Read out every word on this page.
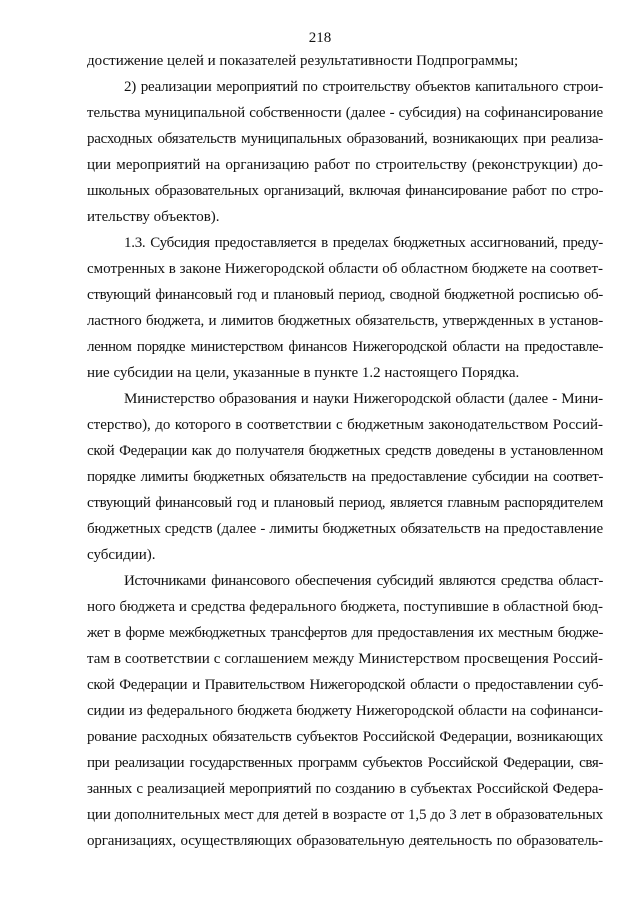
218
достижение целей и показателей результативности Подпрограммы;
2) реализации мероприятий по строительству объектов капитального строи-
тельства муниципальной собственности (далее - субсидия) на софинансирование
расходных обязательств муниципальных образований, возникающих при реализа-
ции мероприятий на организацию работ по строительству (реконструкции) до-
школьных образовательных организаций, включая финансирование работ по стро-
ительству объектов).
1.3. Субсидия предоставляется в пределах бюджетных ассигнований, преду-
смотренных в законе Нижегородской области об областном бюджете на соответ-
ствующий финансовый год и плановый период, сводной бюджетной росписью об-
ластного бюджета, и лимитов бюджетных обязательств, утвержденных в установ-
ленном порядке министерством финансов Нижегородской области на предоставле-
ние субсидии на цели, указанные в пункте 1.2 настоящего Порядка.
Министерство образования и науки Нижегородской области (далее - Мини-
стерство), до которого в соответствии с бюджетным законодательством Россий-
ской Федерации как до получателя бюджетных средств доведены в установленном
порядке лимиты бюджетных обязательств на предоставление субсидии на соответ-
ствующий финансовый год и плановый период, является главным распорядителем
бюджетных средств (далее - лимиты бюджетных обязательств на предоставление
субсидии).
Источниками финансового обеспечения субсидий являются средства област-
ного бюджета и средства федерального бюджета, поступившие в областной бюд-
жет в форме межбюджетных трансфертов для предоставления их местным бюдже-
там в соответствии с соглашением между Министерством просвещения Россий-
ской Федерации и Правительством Нижегородской области о предоставлении суб-
сидии из федерального бюджета бюджету Нижегородской области на софинанси-
рование расходных обязательств субъектов Российской Федерации, возникающих
при реализации государственных программ субъектов Российской Федерации, свя-
занных с реализацией мероприятий по созданию в субъектах Российской Федера-
ции дополнительных мест для детей в возрасте от 1,5 до 3 лет в образовательных
организациях, осуществляющих образовательную деятельность по образователь-
